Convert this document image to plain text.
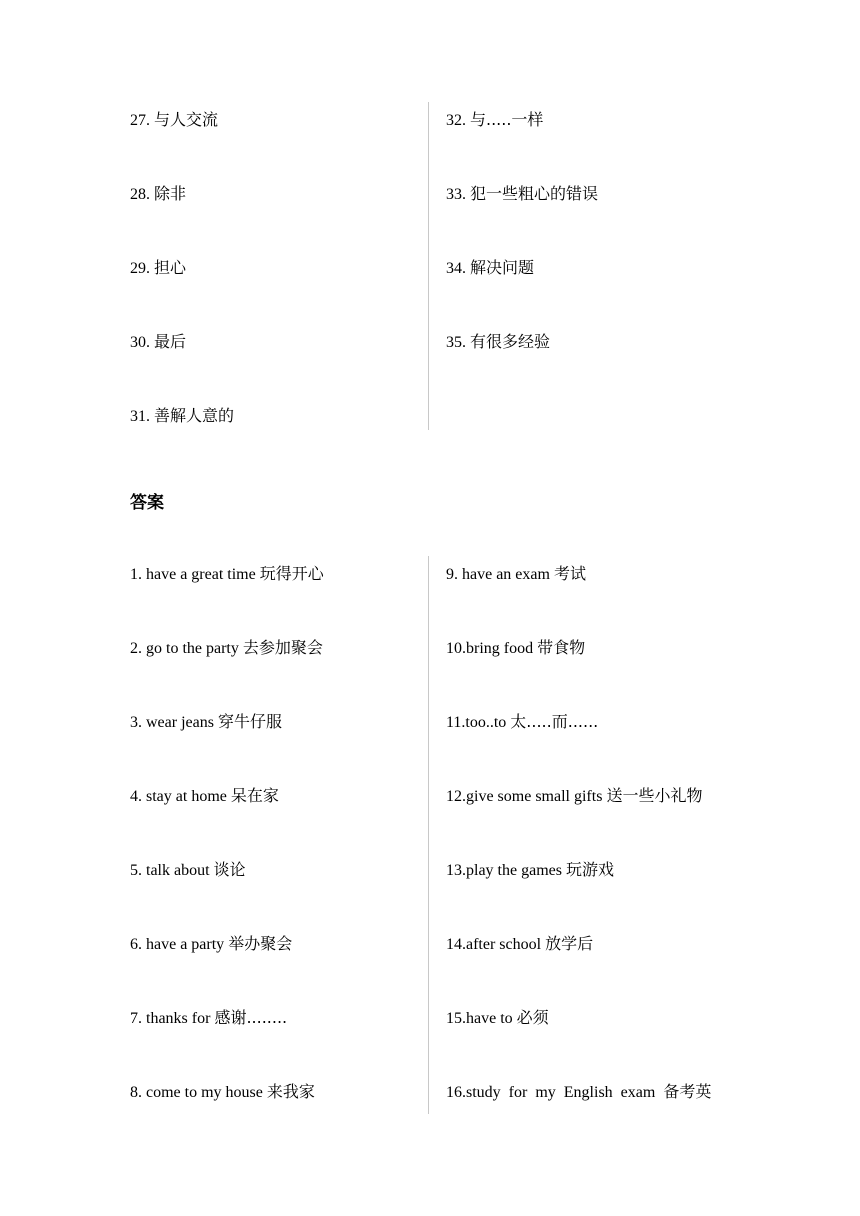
27. 与人交流
28. 除非
29. 担心
30. 最后
31. 善解人意的
32. 与.....一样
33. 犯一些粗心的错误
34. 解决问题
35. 有很多经验
答案
1. have a great time 玩得开心
2. go to the party 去参加聚会
3. wear jeans 穿牛仔服
4. stay at home 呆在家
5. talk about 谈论
6. have a party 举办聚会
7. thanks for 感谢........
8. come to my house 来我家
9. have an exam 考试
10.bring food 带食物
11.too..to 太.....而......
12.give some small gifts 送一些小礼物
13.play the games 玩游戏
14.after school 放学后
15.have to 必须
16.study for my English exam 备考英
